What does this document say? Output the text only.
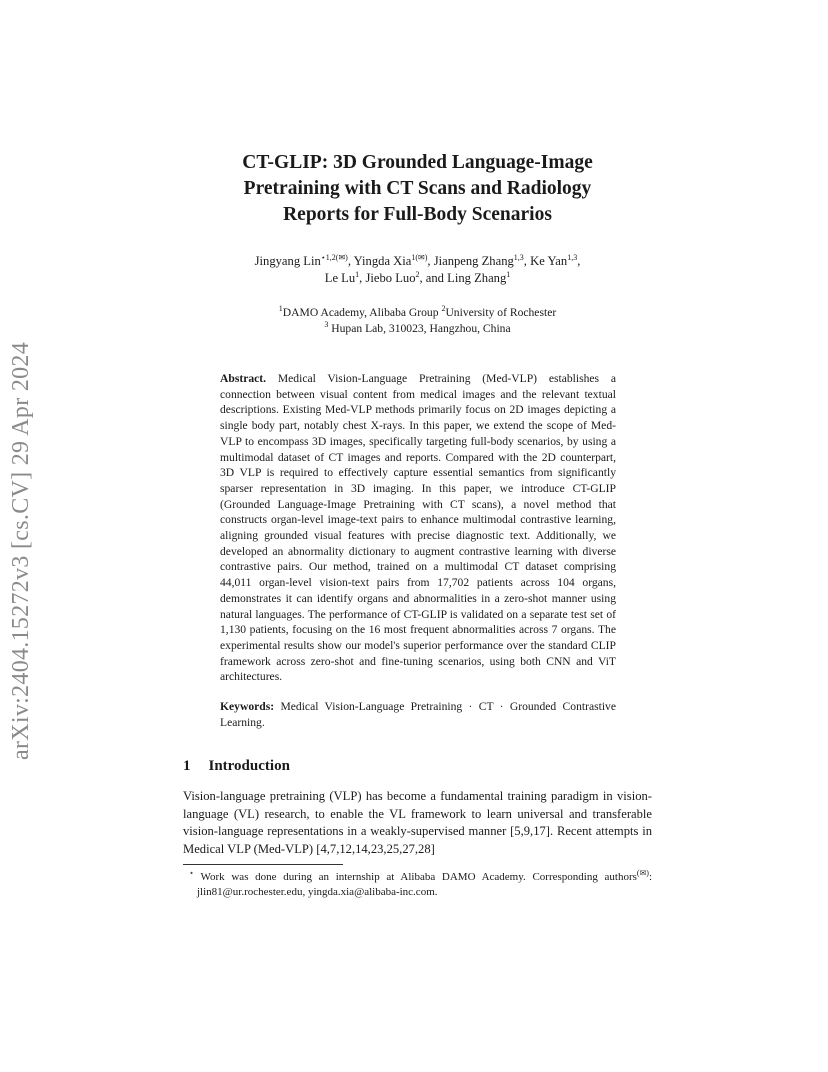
arXiv:2404.15272v3 [cs.CV] 29 Apr 2024
CT-GLIP: 3D Grounded Language-Image
Pretraining with CT Scans and Radiology
Reports for Full-Body Scenarios
Jingyang Lin$^{⋆1,2(✉)}$, Yingda Xia$^{1(✉)}$, Jianpeng Zhang$^{1,3}$, Ke Yan$^{1,3}$,
Le Lu$^1$, Jiebo Luo$^2$, and Ling Zhang$^1$
$^1$DAMO Academy, Alibaba Group $^2$University of Rochester
$^3$ Hupan Lab, 310023, Hangzhou, China
Abstract. Medical Vision-Language Pretraining (Med-VLP) establishes a connection between visual content from medical images and the relevant textual descriptions. Existing Med-VLP methods primarily focus on 2D images depicting a single body part, notably chest X-rays. In this paper, we extend the scope of Med-VLP to encompass 3D images, specifically targeting full-body scenarios, by using a multimodal dataset of CT images and reports. Compared with the 2D counterpart, 3D VLP is required to effectively capture essential semantics from significantly sparser representation in 3D imaging. In this paper, we introduce CT-GLIP (Grounded Language-Image Pretraining with CT scans), a novel method that constructs organ-level image-text pairs to enhance multimodal contrastive learning, aligning grounded visual features with precise diagnostic text. Additionally, we developed an abnormality dictionary to augment contrastive learning with diverse contrastive pairs. Our method, trained on a multimodal CT dataset comprising 44,011 organ-level vision-text pairs from 17,702 patients across 104 organs, demonstrates it can identify organs and abnormalities in a zero-shot manner using natural languages. The performance of CT-GLIP is validated on a separate test set of 1,130 patients, focusing on the 16 most frequent abnormalities across 7 organs. The experimental results show our model's superior performance over the standard CLIP framework across zero-shot and fine-tuning scenarios, using both CNN and ViT architectures.
Keywords: Medical Vision-Language Pretraining · CT · Grounded Contrastive Learning.
1 Introduction

Vision-language pretraining (VLP) has become a fundamental training paradigm in vision-language (VL) research, to enable the VL framework to learn universal and transferable vision-language representations in a weakly-supervised manner [5,9,17]. Recent attempts in Medical VLP (Med-VLP) [4,7,12,14,23,25,27,28]

⋆ Work was done during an internship at Alibaba DAMO Academy. Corresponding authors(✉): jlin81@ur.rochester.edu, yingda.xia@alibaba-inc.com.
